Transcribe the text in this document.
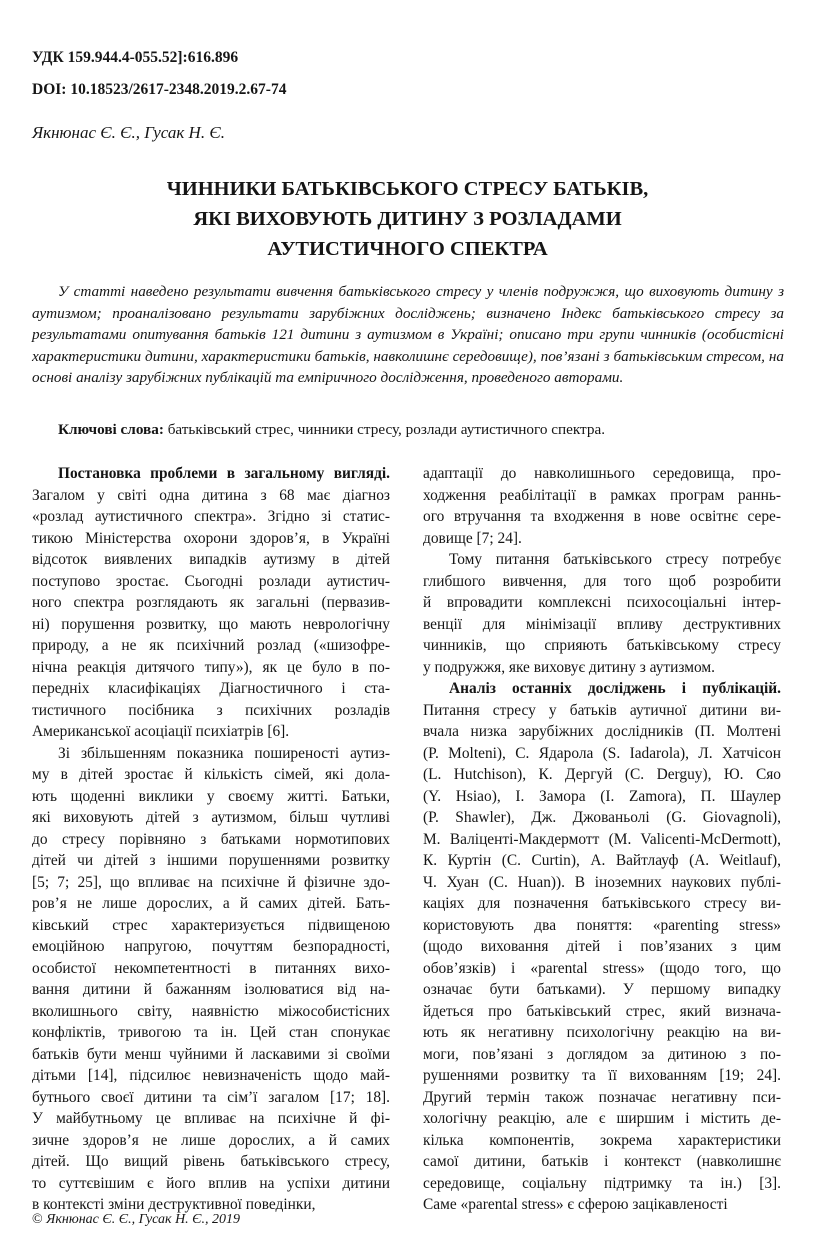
УДК 159.944.4-055.52]:616.896
DOI: 10.18523/2617-2348.2019.2.67-74
Якнюнас Є. Є., Гусак Н. Є.
ЧИННИКИ БАТЬКІВСЬКОГО СТРЕСУ БАТЬКІВ,
ЯКІ ВИХОВУЮТЬ ДИТИНУ З РОЗЛАДАМИ
АУТИСТИЧНОГО СПЕКТРА

У статті наведено результати вивчення батьківського стресу у членів подружжя, що виховують дитину з аутизмом; проаналізовано результати зарубіжних досліджень; визначено Індекс батьківського стресу за результатами опитування батьків 121 дитини з аутизмом в Україні; описано три групи чинників (особистісні характеристики дитини, характеристики батьків, навколишнє середовище), пов’язані з батьківським стресом, на основі аналізу зарубіжних публікацій та емпіричного дослідження, проведеного авторами.

Ключові слова: батьківський стрес, чинники стресу, розлади аутистичного спектра.

Постановка проблеми в загальному вигляді.
Загалом у світі одна дитина з 68 має діагноз
«розлад аутистичного спектра». Згідно зі статис-
тикою Міністерства охорони здоров’я, в Україні
відсоток виявлених випадків аутизму в дітей
поступово зростає. Сьогодні розлади аутистич-
ного спектра розглядають як загальні (первазив-
ні) порушення розвитку, що мають неврологічну
природу, а не як психічний розлад («шизофре-
нічна реакція дитячого типу»), як це було в по-
передніх класифікаціях Діагностичного і ста-
тистичного посібника з психічних розладів
Американської асоціації психіатрів [6].

Зі збільшенням показника поширеності аутиз-
му в дітей зростає й кількість сімей, які дола-
ють щоденні виклики у своєму житті. Батьки,
які виховують дітей з аутизмом, більш чутливі
до стресу порівняно з батьками нормотипових
дітей чи дітей з іншими порушеннями розвитку
[5; 7; 25], що впливає на психічне й фізичне здо-
ров’я не лише дорослих, а й самих дітей. Бать-
ківський стрес характеризується підвищеною
емоційною напругою, почуттям безпорадності,
особистої некомпетентності в питаннях вихо-
вання дитини й бажанням ізолюватися від на-
вколишнього світу, наявністю міжособистісних
конфліктів, тривогою та ін. Цей стан спонукає
батьків бути менш чуйними й ласкавими зі своїми
дітьми [14], підсилює невизначеність щодо май-
бутнього своєї дитини та сім’ї загалом [17; 18].
У майбутньому це впливає на психічне й фі-
зичне здоров’я не лише дорослих, а й самих
дітей. Що вищий рівень батьківського стресу,
то суттєвішим є його вплив на успіхи дитини
в контексті зміни деструктивної поведінки,

адаптації до навколишнього середовища, про-
ходження реабілітації в рамках програм раннь-
ого втручання та входження в нове освітнє сере-
довище [7; 24].

Тому питання батьківського стресу потребує
глибшого вивчення, для того щоб розробити
й впровадити комплексні психосоціальні інтер-
венції для мінімізації впливу деструктивних
чинників, що сприяють батьківському стресу
у подружжя, яке виховує дитину з аутизмом.

Аналіз останніх досліджень і публікацій.
Питання стресу у батьків аутичної дитини ви-
вчала низка зарубіжних дослідників (П. Молтені
(P. Molteni), С. Ядарола (S. Iadarola), Л. Хатчісон
(L. Hutchison), К. Дергуй (C. Derguy), Ю. Сяо
(Y. Hsiao), І. Замора (I. Zamora), П. Шаулер
(P. Shawler), Дж. Джованьолі (G. Giovagnoli),
М. Валіценті-Макдермотт (M. Valicenti-McDermott),
К. Куртін (C. Curtin), А. Вайтлауф (A. Weitlauf),
Ч. Хуан (C. Huan)). В іноземних наукових публі-
каціях для позначення батьківського стресу ви-
користовують два поняття: «parenting stress»
(щодо виховання дітей і пов’язаних з цим
обов’язків) і «parental stress» (щодо того, що
означає бути батьками). У першому випадку
йдеться про батьківський стрес, який визнача-
ють як негативну психологічну реакцію на ви-
моги, пов’язані з доглядом за дитиною з по-
рушеннями розвитку та її вихованням [19; 24].
Другий термін також позначає негативну пси-
хологічну реакцію, але є ширшим і містить де-
кілька компонентів, зокрема характеристики
самої дитини, батьків і контекст (навколишнє
середовище, соціальну підтримку та ін.) [3].
Саме «parental stress» є сферою зацікавленості

© Якнюнас Є. Є., Гусак Н. Є., 2019
